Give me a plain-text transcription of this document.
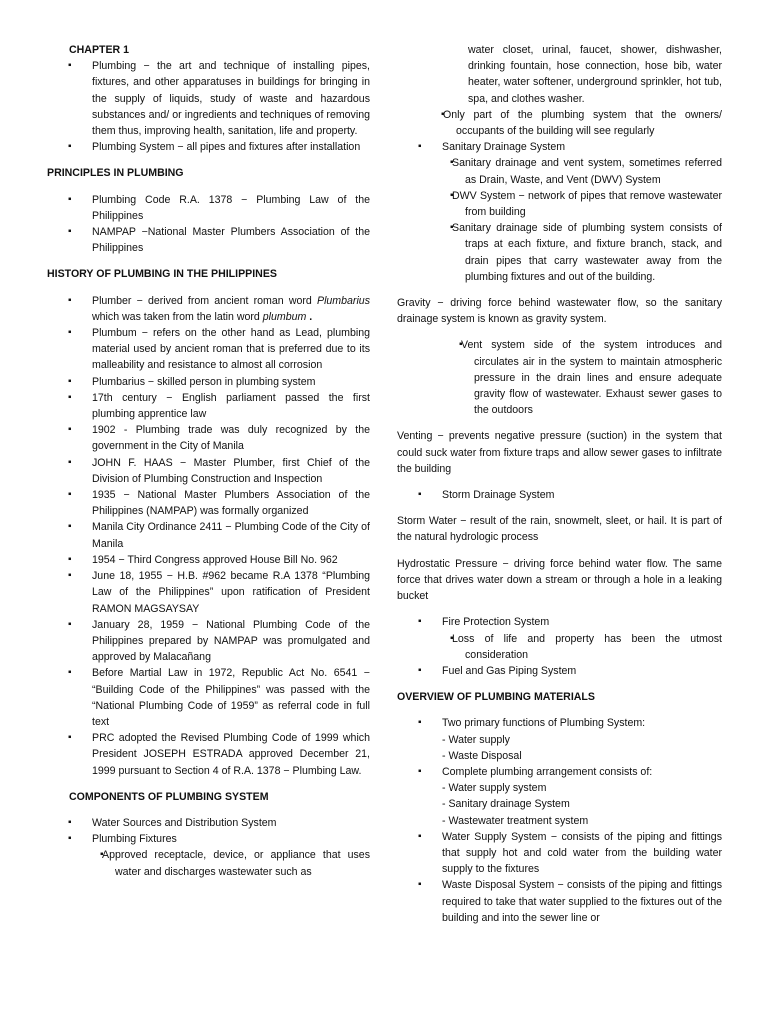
CHAPTER 1

▪ Plumbing − the art and technique of installing pipes, fixtures, and other apparatuses in buildings for bringing in the supply of liquids, study of waste and hazardous substances and/ or ingredients and techniques of removing them thus, improving health, sanitation, life and property.
▪ Plumbing System − all pipes and fixtures after installation

PRINCIPLES IN PLUMBING

▪ Plumbing Code R.A. 1378 − Plumbing Law of the Philippines
▪ NAMPAP −National Master Plumbers Association of the Philippines

HISTORY OF PLUMBING IN THE PHILIPPINES

▪ Plumber − derived from ancient roman word Plumbarius which was taken from the latin word plumbum .
▪ Plumbum − refers on the other hand as Lead, plumbing material used by ancient roman that is preferred due to its malleability and resistance to almost all corrosion
▪ Plumbarius − skilled person in plumbing system
▪ 17th century − English parliament passed the first plumbing apprentice law
▪ 1902 - Plumbing trade was duly recognized by the government in the City of Manila
▪ JOHN F. HAAS − Master Plumber, first Chief of the Division of Plumbing Construction and Inspection
▪ 1935 − National Master Plumbers Association of the Philippines (NAMPAP) was formally organized
▪ Manila City Ordinance 2411 − Plumbing Code of the City of Manila
▪ 1954 − Third Congress approved House Bill No. 962
▪ June 18, 1955 − H.B. #962 became R.A 1378 “Plumbing Law of the Philippines” upon ratification of President RAMON MAGSAYSAY
▪ January 28, 1959 − National Plumbing Code of the Philippines prepared by NAMPAP was promulgated and approved by Malacañang
▪ Before Martial Law in 1972, Republic Act No. 6541 − “Building Code of the Philippines” was passed with the “National Plumbing Code of 1959” as referral code in full text
▪ PRC adopted the Revised Plumbing Code of 1999 which President JOSEPH ESTRADA approved December 21, 1999 pursuant to Section 4 of R.A. 1378 − Plumbing Law.

COMPONENTS OF PLUMBING SYSTEM

▪ Water Sources and Distribution System
▪ Plumbing Fixtures
▪ Approved receptacle, device, or appliance that uses water and discharges wastewater such as
water closet, urinal, faucet, shower, dishwasher, drinking fountain, hose connection, hose bib, water heater, water softener, underground sprinkler, hot tub, spa, and clothes washer.
▪ Only part of the plumbing system that the owners/ occupants of the building will see regularly
▪ Sanitary Drainage System
▪ Sanitary drainage and vent system, sometimes referred as Drain, Waste, and Vent (DWV) System
▪ DWV System − network of pipes that remove wastewater from building
▪ Sanitary drainage side of plumbing system consists of traps at each fixture, and fixture branch, stack, and drain pipes that carry wastewater away from the plumbing fixtures and out of the building.

Gravity − driving force behind wastewater flow, so the sanitary drainage system is known as gravity system.

▪ Vent system side of the system introduces and circulates air in the system to maintain atmospheric pressure in the drain lines and ensure adequate gravity flow of wastewater. Exhaust sewer gases to the outdoors

Venting − prevents negative pressure (suction) in the system that could suck water from fixture traps and allow sewer gases to infiltrate the building

▪ Storm Drainage System

Storm Water − result of the rain, snowmelt, sleet, or hail. It is part of the natural hydrologic process

Hydrostatic Pressure − driving force behind water flow. The same force that drives water down a stream or through a hole in a leaking bucket

▪ Fire Protection System
▪ Loss of life and property has been the utmost consideration
▪ Fuel and Gas Piping System

OVERVIEW OF PLUMBING MATERIALS

▪ Two primary functions of Plumbing System:
- Water supply
- Waste Disposal
▪ Complete plumbing arrangement consists of:
- Water supply system
- Sanitary drainage System
- Wastewater treatment system
▪ Water Supply System − consists of the piping and fittings that supply hot and cold water from the building water supply to the fixtures
▪ Waste Disposal System − consists of the piping and fittings required to take that water supplied to the fixtures out of the building and into the sewer line or
